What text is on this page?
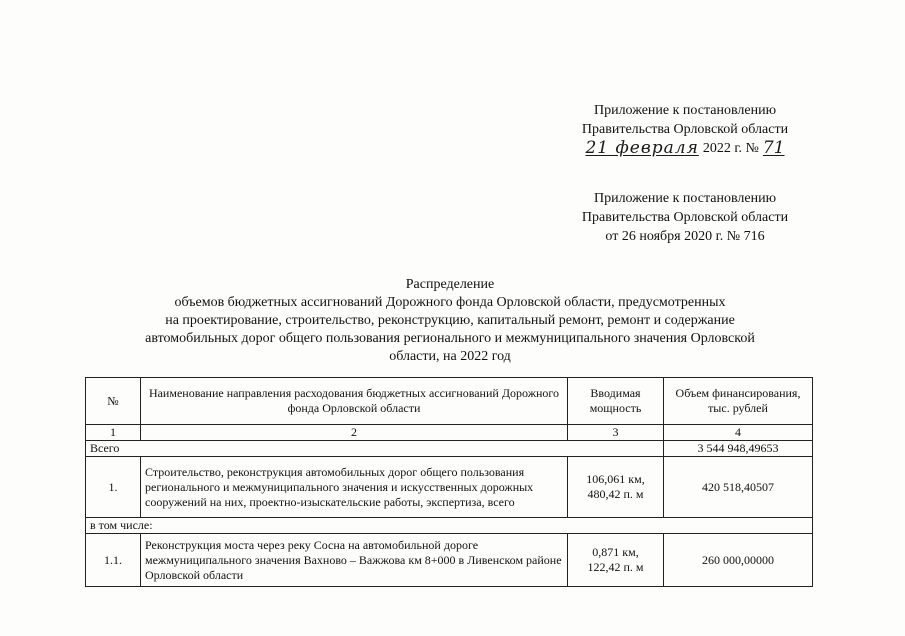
Приложение к постановлению
Правительства Орловской области
21 февраля 2022 г. № 71
Приложение к постановлению
Правительства Орловской области
от 26 ноября 2020 г. № 716
Распределение
объемов бюджетных ассигнований Дорожного фонда Орловской области, предусмотренных
на проектирование, строительство, реконструкцию, капитальный ремонт, ремонт и содержание
автомобильных дорог общего пользования регионального и межмуниципального значения Орловской
области, на 2022 год
№	Наименование направления расходования бюджетных ассигнований Дорожного фонда Орловской области	Вводимая мощность	Объем финансирования, тыс. рублей
1	2	3	4
Всего			3 544 948,49653
1.	Строительство, реконструкция автомобильных дорог общего пользования регионального и межмуниципального значения и искусственных дорожных сооружений на них, проектно-изыскательские работы, экспертиза, всего	106,061 км,
480,42 п. м	420 518,40507
в том числе:			
1.1.	Реконструкция моста через реку Сосна на автомобильной дороге межмуниципального значения Вахново – Важжова км 8+000 в Ливенском районе Орловской области	0,871 км,
122,42 п. м	260 000,00000
